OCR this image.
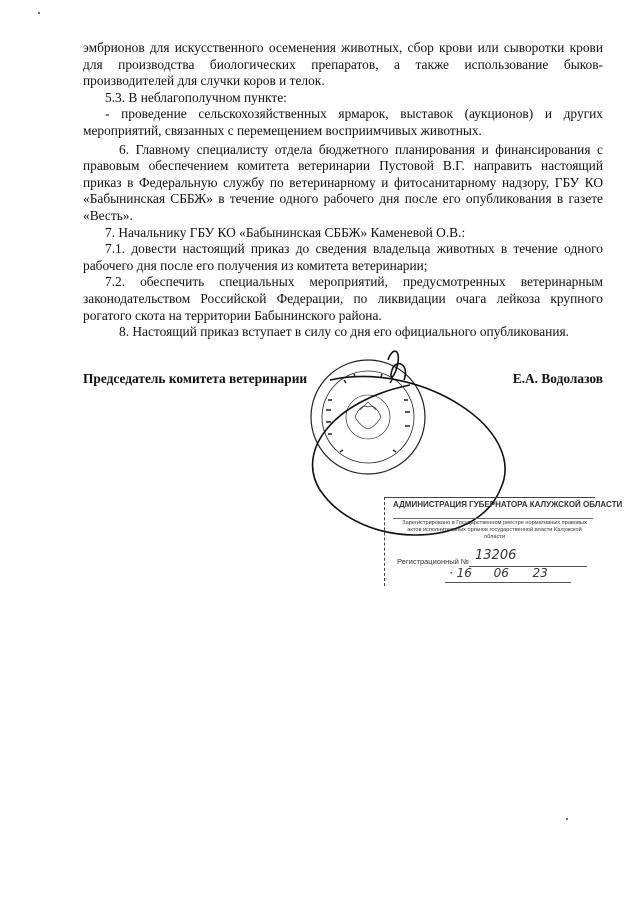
эмбрионов для искусственного осеменения животных, сбор крови или сыворотки крови для производства биологических препаратов, а также использование быков-производителей для случки коров и телок.

5.3. В неблагополучном пункте:

- проведение сельскохозяйственных ярмарок, выставок (аукционов) и других мероприятий, связанных с перемещением восприимчивых животных.

6. Главному специалисту отдела бюджетного планирования и финансирования с правовым обеспечением комитета ветеринарии Пустовой В.Г. направить настоящий приказ в Федеральную службу по ветеринарному и фитосанитарному надзору, ГБУ КО «Бабынинская СББЖ» в течение одного рабочего дня после его опубликования в газете «Весть».

7. Начальнику ГБУ КО «Бабынинская СББЖ» Каменевой О.В.:

7.1. довести настоящий приказ до сведения владельца животных в течение одного рабочего дня после его получения из комитета ветеринарии;

7.2. обеспечить специальных мероприятий, предусмотренных ветеринарным законодательством Российской Федерации, по ликвидации очага лейкоза крупного рогатого скота на территории Бабынинского района.

8. Настоящий приказ вступает в силу со дня его официального опубликования.

Председатель комитета ветеринарии	Е.А. Водолазов
АДМИНИСТРАЦИЯ ГУБЕРНАТОРА КАЛУЖСКОЙ ОБЛАСТИ
Зарегистрировано в Государственном реестре нормативных правовых актов исполнительных органов государственной власти Калужской области
Регистрационный № 13206
· 16 06 23
